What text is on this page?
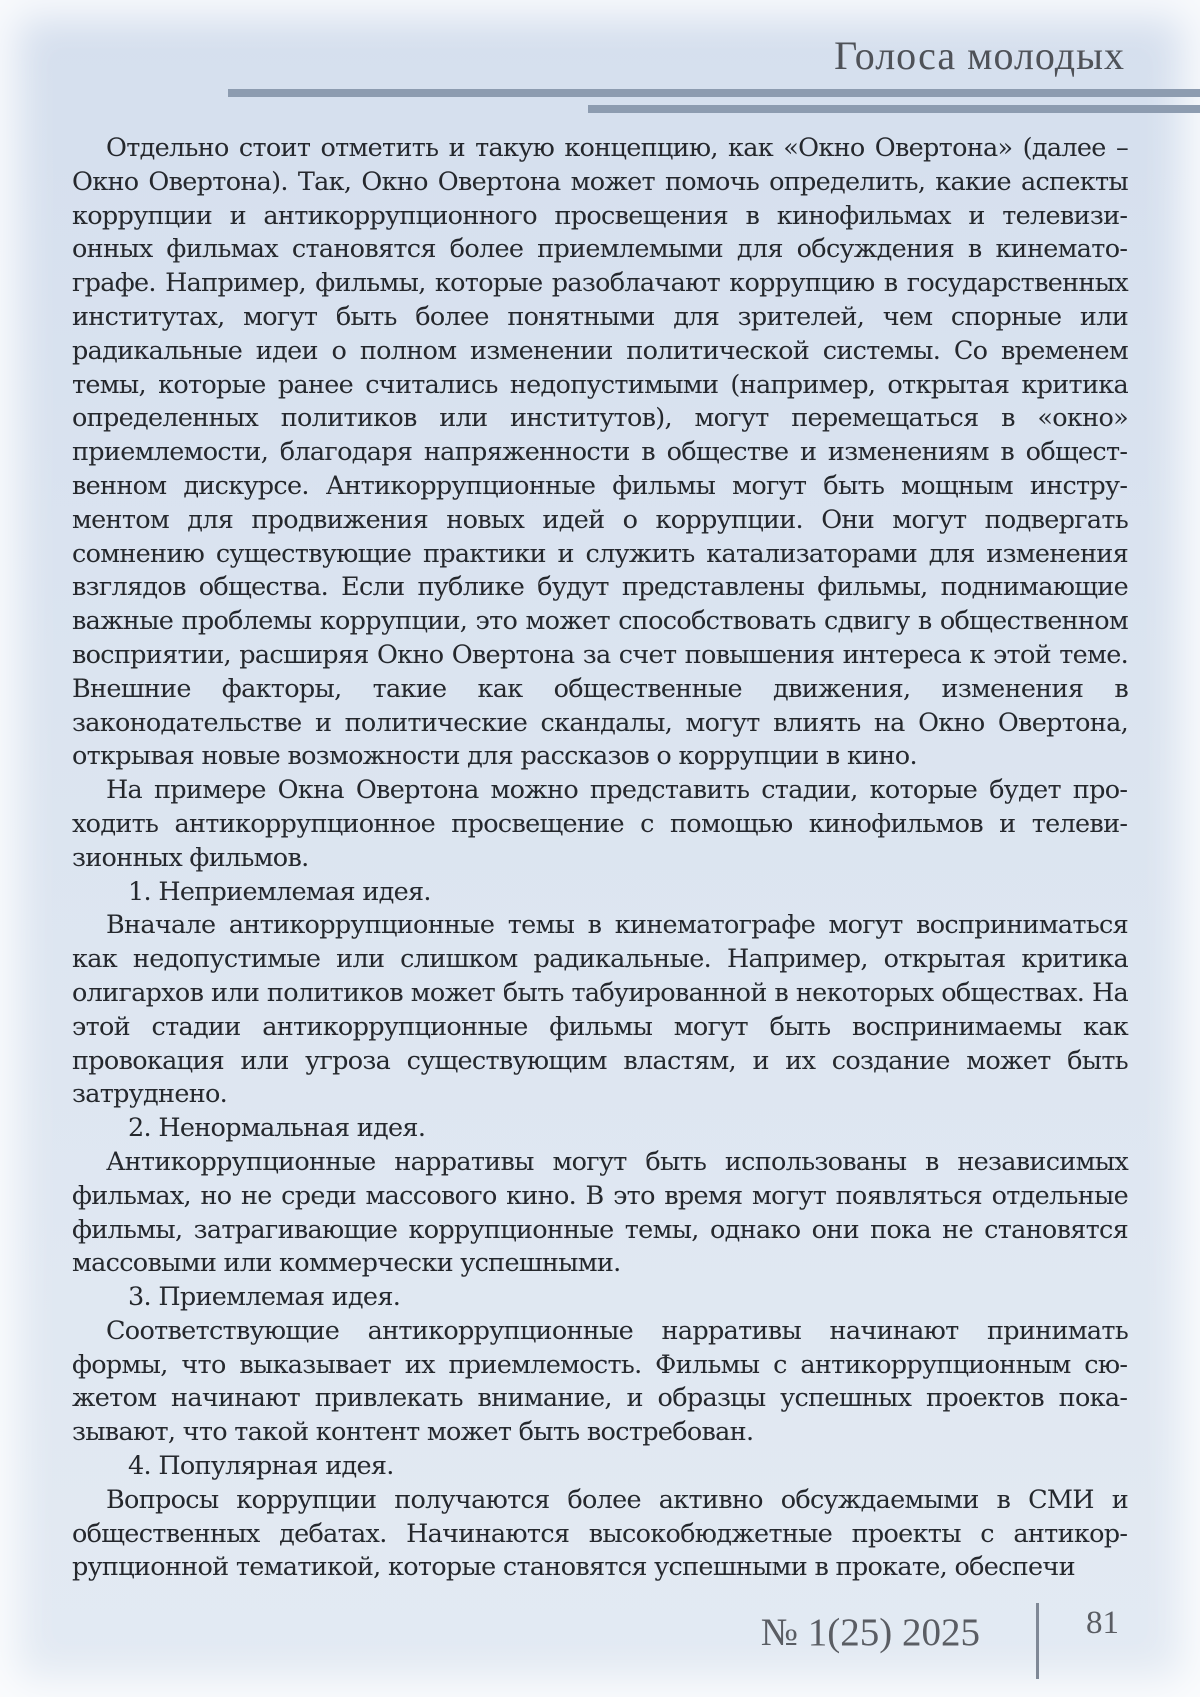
Голоса молодых

Отдельно стоит отметить и такую концепцию, как «Окно Овертона» (далее – Окно Овертона). Так, Окно Овертона может помочь определить, какие аспекты коррупции и антикоррупционного просвещения в кинофильмах и телевизионных фильмах становятся более приемлемыми для обсуждения в кинематографе. Например, фильмы, которые разоблачают коррупцию в государственных институтах, могут быть более понятными для зрителей, чем спорные или радикальные идеи о полном изменении политической системы. Со временем темы, которые ранее считались недопустимыми (например, открытая критика определенных политиков или институтов), могут перемещаться в «окно» приемлемости, благодаря напряженности в обществе и изменениям в общественном дискурсе. Антикоррупционные фильмы могут быть мощным инструментом для продвижения новых идей о коррупции. Они могут подвергать сомнению существующие практики и служить катализаторами для изменения взглядов общества. Если публике будут представлены фильмы, поднимающие важные проблемы коррупции, это может способствовать сдвигу в общественном восприятии, расширяя Окно Овертона за счет повышения интереса к этой теме. Внешние факторы, такие как общественные движения, изменения в законодательстве и политические скандалы, могут влиять на Окно Овертона, открывая новые возможности для рассказов о коррупции в кино.

На примере Окна Овертона можно представить стадии, которые будет проходить антикоррупционное просвещение с помощью кинофильмов и телевизионных фильмов.

1. Неприемлемая идея.

Вначале антикоррупционные темы в кинематографе могут восприниматься как недопустимые или слишком радикальные. Например, открытая критика олигархов или политиков может быть табуированной в некоторых обществах. На этой стадии антикоррупционные фильмы могут быть воспринимаемы как провокация или угроза существующим властям, и их создание может быть затруднено.

2. Ненормальная идея.

Антикоррупционные нарративы могут быть использованы в независимых фильмах, но не среди массового кино. В это время могут появляться отдельные фильмы, затрагивающие коррупционные темы, однако они пока не становятся массовыми или коммерчески успешными.

3. Приемлемая идея.

Соответствующие антикоррупционные нарративы начинают принимать формы, что выказывает их приемлемость. Фильмы с антикоррупционным сюжетом начинают привлекать внимание, и образцы успешных проектов показывают, что такой контент может быть востребован.

4. Популярная идея.

Вопросы коррупции получаются более активно обсуждаемыми в СМИ и общественных дебатах. Начинаются высокобюджетные проекты с антикоррупционной тематикой, которые становятся успешными в прокате, обеспечи

№ 1(25) 2025	81
